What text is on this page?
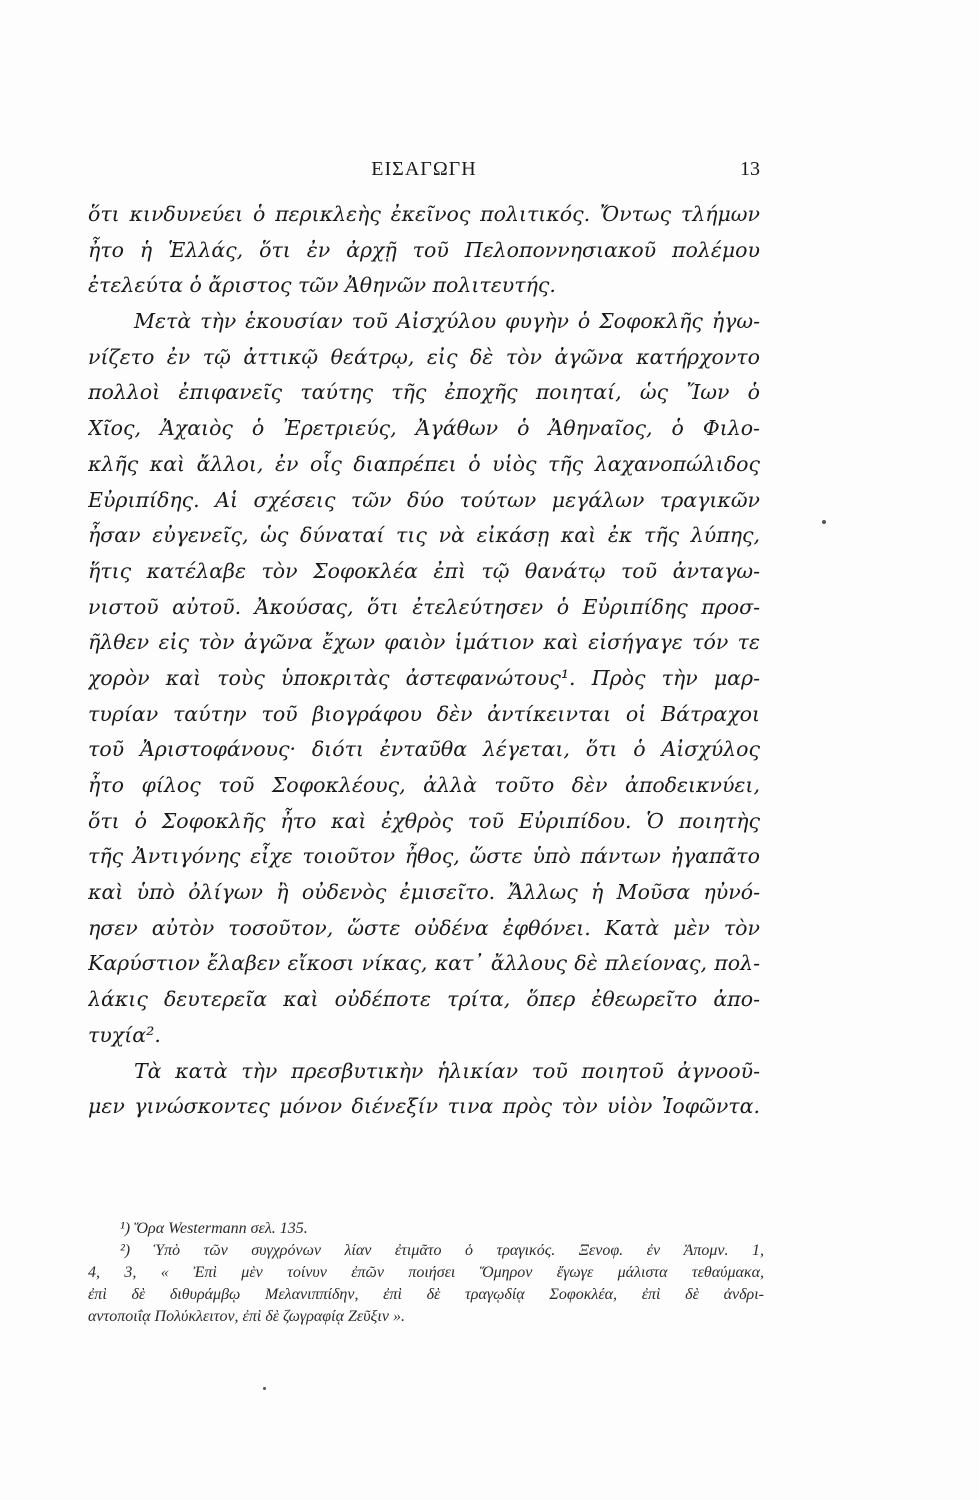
ΕΙΣΑΓΩΓΗ	13
ὅτι κινδυνεύει ὁ περικλεὴς ἐκεῖνος πολιτικός. Ὄντως τλήμων
ἦτο ἡ Ἑλλάς, ὅτι ἐν ἀρχῇ τοῦ Πελοποννησιακοῦ πολέμου
ἐτελεύτα ὁ ἄριστος τῶν Ἀθηνῶν πολιτευτής.
Μετὰ τὴν ἑκουσίαν τοῦ Αἰσχύλου φυγὴν ὁ Σοφοκλῆς ἠγω-
νίζετο ἐν τῷ ἀττικῷ θεάτρῳ, εἰς δὲ τὸν ἀγῶνα κατήρχοντο
πολλοὶ ἐπιφανεῖς ταύτης τῆς ἐποχῆς ποιηταί, ὡς Ἴων ὁ
Χῖος, Ἀχαιὸς ὁ Ἐρετριεύς, Ἀγάθων ὁ Ἀθηναῖος, ὁ Φιλο-
κλῆς καὶ ἄλλοι, ἐν οἷς διαπρέπει ὁ υἱὸς τῆς λαχανοπώλιδος
Εὐριπίδης. Αἱ σχέσεις τῶν δύο τούτων μεγάλων τραγικῶν
ἦσαν εὐγενεῖς, ὡς δύναταί τις νὰ εἰκάσῃ καὶ ἐκ τῆς λύπης,
ἥτις κατέλαβε τὸν Σοφοκλέα ἐπὶ τῷ θανάτῳ τοῦ ἀνταγω-
νιστοῦ αὐτοῦ. Ἀκούσας, ὅτι ἐτελεύτησεν ὁ Εὐριπίδης προσ-
ῆλθεν εἰς τὸν ἀγῶνα ἔχων φαιὸν ἱμάτιον καὶ εἰσήγαγε τόν τε
χορὸν καὶ τοὺς ὑποκριτὰς ἀστεφανώτους¹. Πρὸς τὴν μαρ-
τυρίαν ταύτην τοῦ βιογράφου δὲν ἀντίκεινται οἱ Βάτραχοι
τοῦ Ἀριστοφάνους· διότι ἐνταῦθα λέγεται, ὅτι ὁ Αἰσχύλος
ἦτο φίλος τοῦ Σοφοκλέους, ἀλλὰ τοῦτο δὲν ἀποδεικνύει,
ὅτι ὁ Σοφοκλῆς ἦτο καὶ ἐχθρὸς τοῦ Εὐριπίδου. Ὁ ποιητὴς
τῆς Ἀντιγόνης εἶχε τοιοῦτον ἦθος, ὥστε ὑπὸ πάντων ἠγαπᾶτο
καὶ ὑπὸ ὀλίγων ἢ οὐδενὸς ἐμισεῖτο. Ἄλλως ἡ Μοῦσα ηὐνό-
ησεν αὐτὸν τοσοῦτον, ὥστε οὐδένα ἐφθόνει. Κατὰ μὲν τὸν
Καρύστιον ἔλαβεν εἴκοσι νίκας, κατ᾽ ἄλλους δὲ πλείονας, πολ-
λάκις δευτερεῖα καὶ οὐδέποτε τρίτα, ὅπερ ἐθεωρεῖτο ἀπο-
τυχία².
Τὰ κατὰ τὴν πρεσβυτικὴν ἡλικίαν τοῦ ποιητοῦ ἀγνοοῦ-
μεν γινώσκοντες μόνον διένεξίν τινα πρὸς τὸν υἱὸν Ἰοφῶντα.
¹) Ὅρα Westermann σελ. 135.
²) Ὑπὸ τῶν συγχρόνων λίαν ἐτιμᾶτο ὁ τραγικός. Ξενοφ. ἐν Ἀπομν. 1,
4, 3, « Ἐπὶ μὲν τοίνυν ἐπῶν ποιήσει Ὅμηρον ἔγωγε μάλιστα τεθαύμακα,
ἐπὶ δὲ διθυράμβῳ Μελανιππίδην, ἐπὶ δὲ τραγῳδίᾳ Σοφοκλέα, ἐπὶ δὲ ἀνδρι-
αντοποιΐᾳ Πολύκλειτον, ἐπὶ δὲ ζωγραφίᾳ Ζεῦξιν ».
